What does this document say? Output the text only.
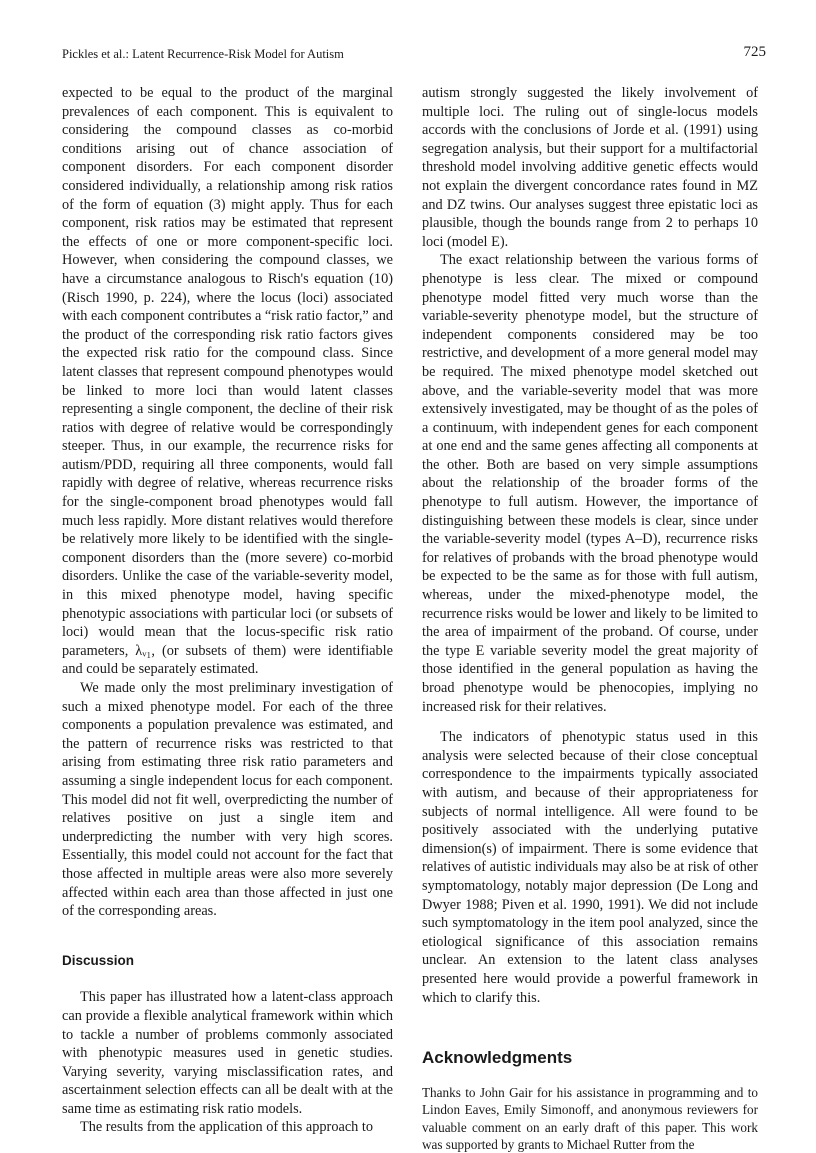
Pickles et al.: Latent Recurrence-Risk Model for Autism	725

expected to be equal to the product of the marginal prevalences of each component. This is equivalent to considering the compound classes as co-morbid conditions arising out of chance association of component disorders. For each component disorder considered individually, a relationship among risk ratios of the form of equation (3) might apply. Thus for each component, risk ratios may be estimated that represent the effects of one or more component-specific loci. However, when considering the compound classes, we have a circumstance analogous to Risch's equation (10) (Risch 1990, p. 224), where the locus (loci) associated with each component contributes a “risk ratio factor,” and the product of the corresponding risk ratio factors gives the expected risk ratio for the compound class. Since latent classes that represent compound phenotypes would be linked to more loci than would latent classes representing a single component, the decline of their risk ratios with degree of relative would be correspondingly steeper. Thus, in our example, the recurrence risks for autism/PDD, requiring all three components, would fall rapidly with degree of relative, whereas recurrence risks for the single-component broad phenotypes would fall much less rapidly. More distant relatives would therefore be relatively more likely to be identified with the single-component disorders than the (more severe) co-morbid disorders. Unlike the case of the variable-severity model, in this mixed phenotype model, having specific phenotypic associations with particular loci (or subsets of loci) would mean that the locus-specific risk ratio parameters, λᵥ₁, (or subsets of them) were identifiable and could be separately estimated.

We made only the most preliminary investigation of such a mixed phenotype model. For each of the three components a population prevalence was estimated, and the pattern of recurrence risks was restricted to that arising from estimating three risk ratio parameters and assuming a single independent locus for each component. This model did not fit well, overpredicting the number of relatives positive on just a single item and underpredicting the number with very high scores. Essentially, this model could not account for the fact that those affected in multiple areas were also more severely affected within each area than those affected in just one of the corresponding areas.

Discussion

This paper has illustrated how a latent-class approach can provide a flexible analytical framework within which to tackle a number of problems commonly associated with phenotypic measures used in genetic studies. Varying severity, varying misclassification rates, and ascertainment selection effects can all be dealt with at the same time as estimating risk ratio models.

The results from the application of this approach to

autism strongly suggested the likely involvement of multiple loci. The ruling out of single-locus models accords with the conclusions of Jorde et al. (1991) using segregation analysis, but their support for a multifactorial threshold model involving additive genetic effects would not explain the divergent concordance rates found in MZ and DZ twins. Our analyses suggest three epistatic loci as plausible, though the bounds range from 2 to perhaps 10 loci (model E).

The exact relationship between the various forms of phenotype is less clear. The mixed or compound phenotype model fitted very much worse than the variable-severity phenotype model, but the structure of independent components considered may be too restrictive, and development of a more general model may be required. The mixed phenotype model sketched out above, and the variable-severity model that was more extensively investigated, may be thought of as the poles of a continuum, with independent genes for each component at one end and the same genes affecting all components at the other. Both are based on very simple assumptions about the relationship of the broader forms of the phenotype to full autism. However, the importance of distinguishing between these models is clear, since under the variable-severity model (types A–D), recurrence risks for relatives of probands with the broad phenotype would be expected to be the same as for those with full autism, whereas, under the mixed-phenotype model, the recurrence risks would be lower and likely to be limited to the area of impairment of the proband. Of course, under the type E variable severity model the great majority of those identified in the general population as having the broad phenotype would be phenocopies, implying no increased risk for their relatives.

The indicators of phenotypic status used in this analysis were selected because of their close conceptual correspondence to the impairments typically associated with autism, and because of their appropriateness for subjects of normal intelligence. All were found to be positively associated with the underlying putative dimension(s) of impairment. There is some evidence that relatives of autistic individuals may also be at risk of other symptomatology, notably major depression (De Long and Dwyer 1988; Piven et al. 1990, 1991). We did not include such symptomatology in the item pool analyzed, since the etiological significance of this association remains unclear. An extension to the latent class analyses presented here would provide a powerful framework in which to clarify this.

Acknowledgments

Thanks to John Gair for his assistance in programming and to Lindon Eaves, Emily Simonoff, and anonymous reviewers for valuable comment on an early draft of this paper. This work was supported by grants to Michael Rutter from the
